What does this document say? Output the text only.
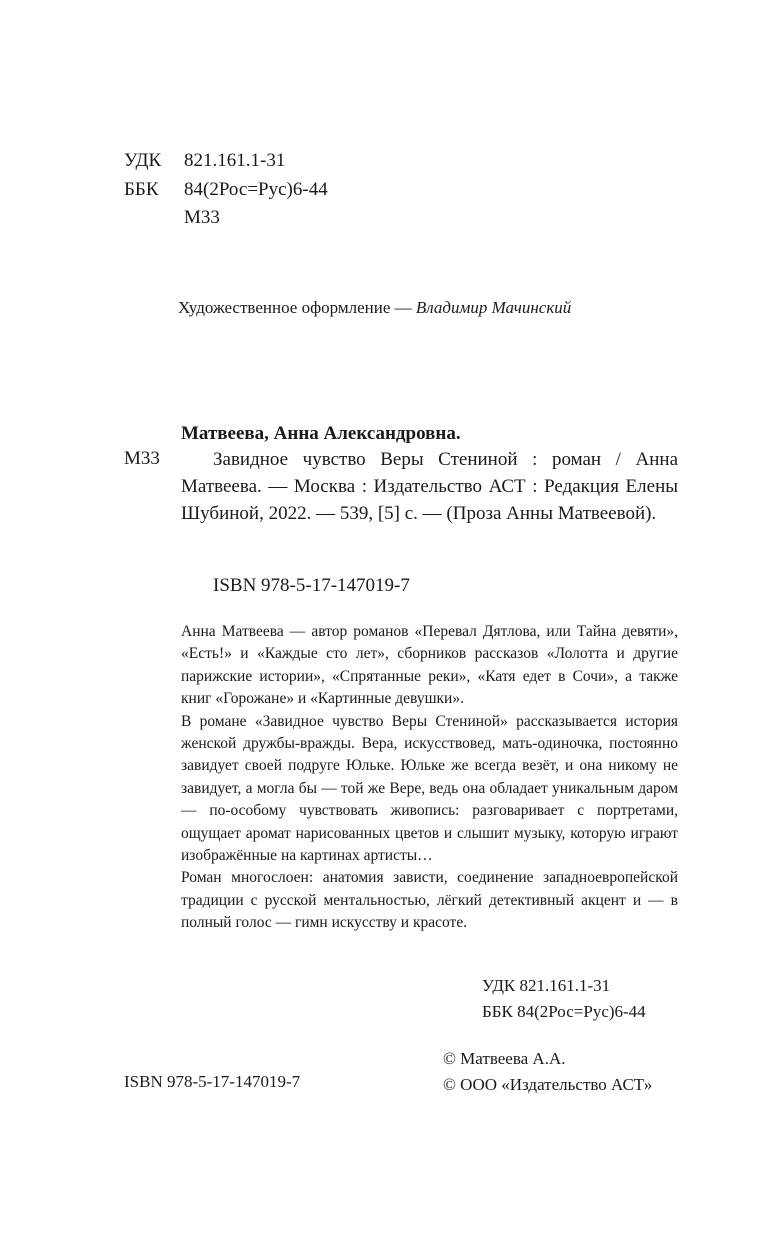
УДК 821.161.1-31
ББК 84(2Рос=Рус)6-44
М33
Художественное оформление — Владимир Мачинский
Матвеева, Анна Александровна.
М33	Завидное чувство Веры Стениной : роман / Анна Матвеева. — Москва : Издательство АСТ : Редакция Елены Шубиной, 2022. — 539, [5] с. — (Проза Анны Матвеевой).
ISBN 978-5-17-147019-7

Анна Матвеева — автор романов «Перевал Дятлова, или Тайна девяти», «Есть!» и «Каждые сто лет», сборников рассказов «Лолотта и другие парижские истории», «Спрятанные реки», «Катя едет в Сочи», а также книг «Горожане» и «Картинные девушки».

В романе «Завидное чувство Веры Стениной» рассказывается история женской дружбы-вражды. Вера, искусствовед, мать-одиночка, постоянно завидует своей подруге Юльке. Юльке же всегда везёт, и она никому не завидует, а могла бы — той же Вере, ведь она обладает уникальным даром — по-особому чувствовать живопись: разговаривает с портретами, ощущает аромат нарисованных цветов и слышит музыку, которую играют изображённые на картинах артисты…

Роман многослоен: анатомия зависти, соединение западноевропейской традиции с русской ментальностью, лёгкий детективный акцент и — в полный голос — гимн искусству и красоте.

УДК 821.161.1-31
ББК 84(2Рос=Рус)6-44
© Матвеева А.А.
© ООО «Издательство АСТ»
ISBN 978-5-17-147019-7
